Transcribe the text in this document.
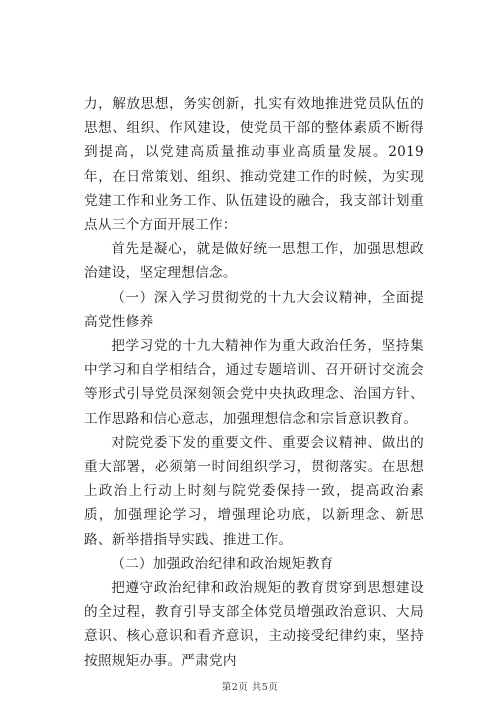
力，解放思想，务实创新，扎实有效地推进党员队伍的思想、组织、作风建设，使党员干部的整体素质不断得到提高，以党建高质量推动事业高质量发展。2019年，在日常策划、组织、推动党建工作的时候，为实现党建工作和业务工作、队伍建设的融合，我支部计划重点从三个方面开展工作：

首先是凝心，就是做好统一思想工作，加强思想政治建设，坚定理想信念。

（一）深入学习贯彻党的十九大会议精神，全面提高党性修养

把学习党的十九大精神作为重大政治任务，坚持集中学习和自学相结合，通过专题培训、召开研讨交流会等形式引导党员深刻领会党中央执政理念、治国方针、工作思路和信心意志，加强理想信念和宗旨意识教育。

对院党委下发的重要文件、重要会议精神、做出的重大部署，必须第一时间组织学习，贯彻落实。在思想上政治上行动上时刻与院党委保持一致，提高政治素质，加强理论学习，增强理论功底，以新理念、新思路、新举措指导实践、推进工作。

（二）加强政治纪律和政治规矩教育

把遵守政治纪律和政治规矩的教育贯穿到思想建设的全过程，教育引导支部全体党员增强政治意识、大局意识、核心意识和看齐意识，主动接受纪律约束，坚持按照规矩办事。严肃党内

第2页 共5页
